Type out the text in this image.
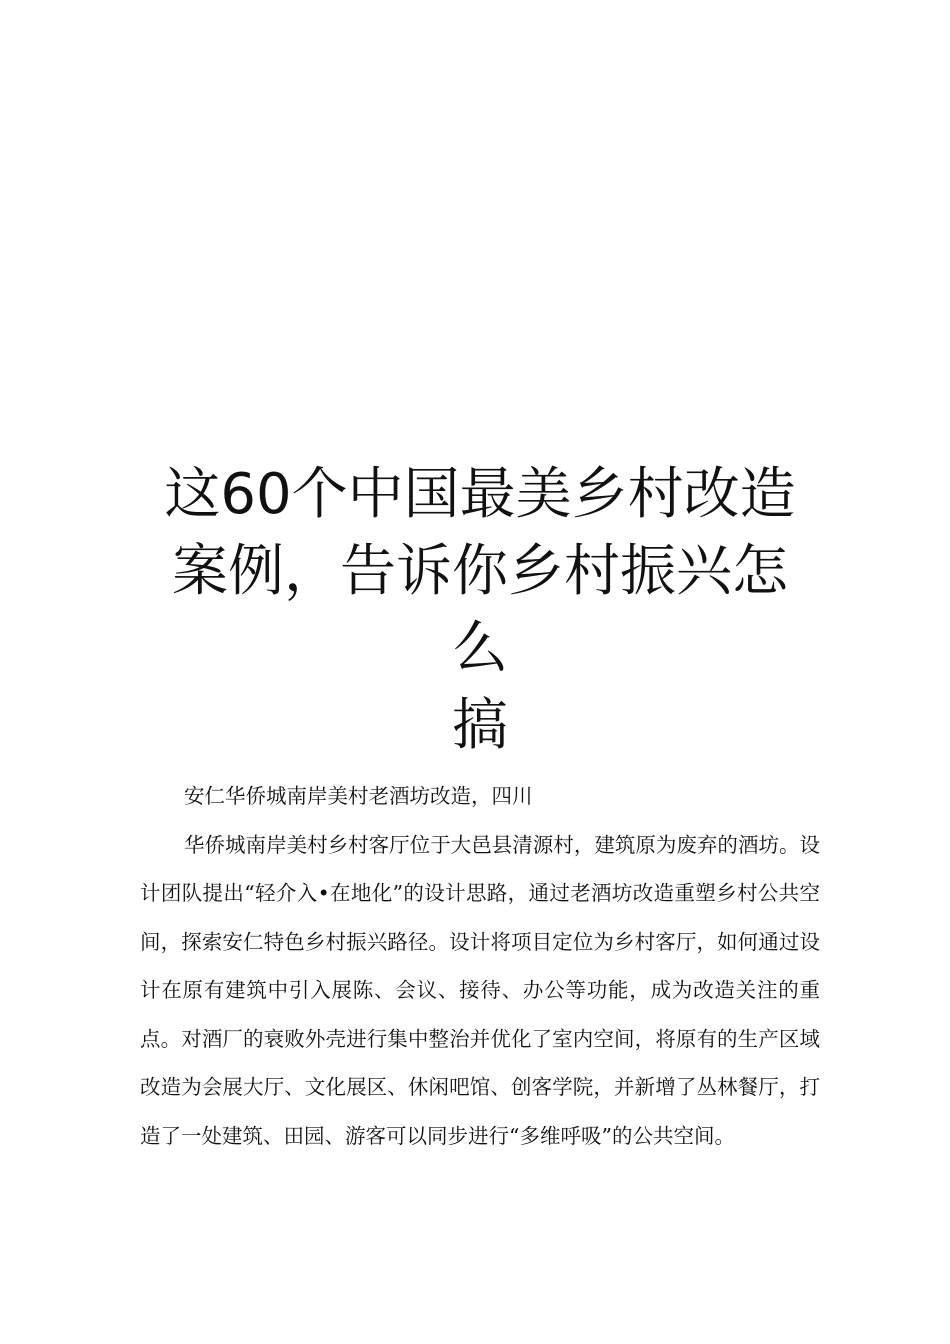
这60个中国最美乡村改造
案例，告诉你乡村振兴怎
么
搞

安仁华侨城南岸美村老酒坊改造，四川

华侨城南岸美村乡村客厅位于大邑县清源村，建筑原为废弃的酒坊。设计团队提出“轻介入•在地化”的设计思路，通过老酒坊改造重塑乡村公共空间，探索安仁特色乡村振兴路径。设计将项目定位为乡村客厅，如何通过设计在原有建筑中引入展陈、会议、接待、办公等功能，成为改造关注的重点。对酒厂的衰败外壳进行集中整治并优化了室内空间，将原有的生产区域改造为会展大厅、文化展区、休闲吧馆、创客学院，并新增了丛林餐厅，打造了一处建筑、田园、游客可以同步进行“多维呼吸”的公共空间。
